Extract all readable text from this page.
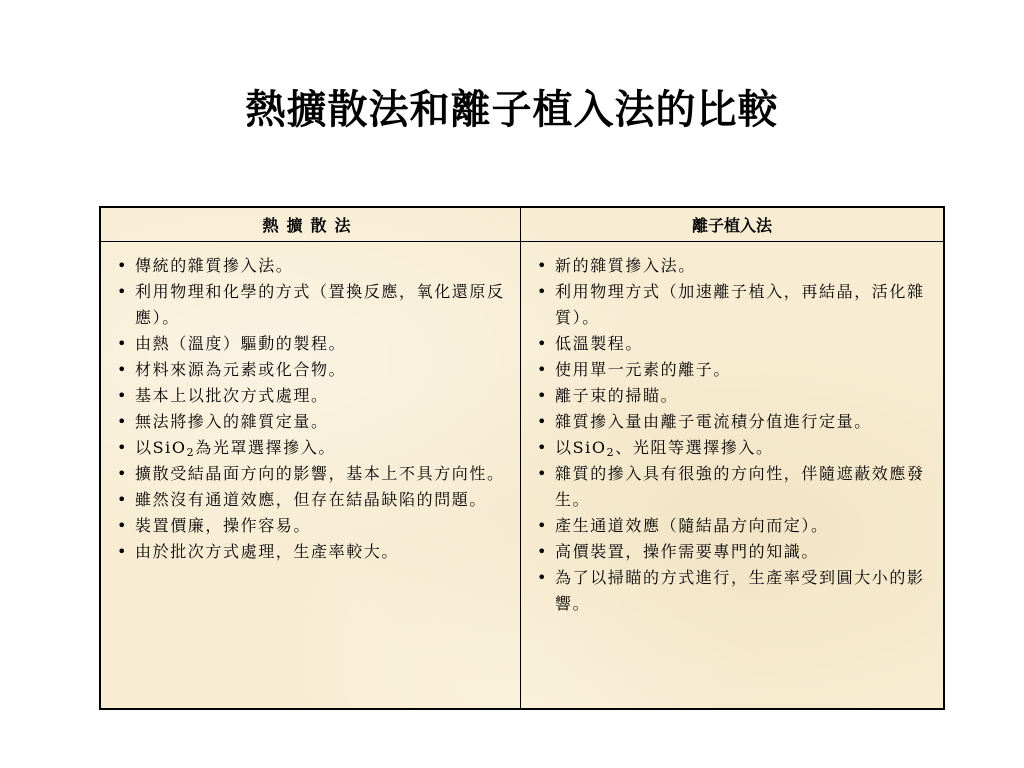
熱擴散法和離子植入法的比較
熱擴散法	離子植入法
• 傳統的雜質摻入法。
• 利用物理和化學的方式（置換反應，氧化還原反應）。
• 由熱（溫度）驅動的製程。
• 材料來源為元素或化合物。
• 基本上以批次方式處理。
• 無法將摻入的雜質定量。
• 以SiO$_2$為光罩選擇摻入。
• 擴散受結晶面方向的影響，基本上不具方向性。
• 雖然沒有通道效應，但存在結晶缺陷的問題。
• 裝置價廉，操作容易。
• 由於批次方式處理，生產率較大。
• 新的雜質摻入法。
• 利用物理方式（加速離子植入，再結晶，活化雜質）。
• 低溫製程。
• 使用單一元素的離子。
• 離子束的掃瞄。
• 雜質摻入量由離子電流積分值進行定量。
• 以SiO$_2$、光阻等選擇摻入。
• 雜質的摻入具有很強的方向性，伴隨遮蔽效應發生。
• 產生通道效應（隨結晶方向而定）。
• 高價裝置，操作需要專門的知識。
• 為了以掃瞄的方式進行，生產率受到圓大小的影響。
